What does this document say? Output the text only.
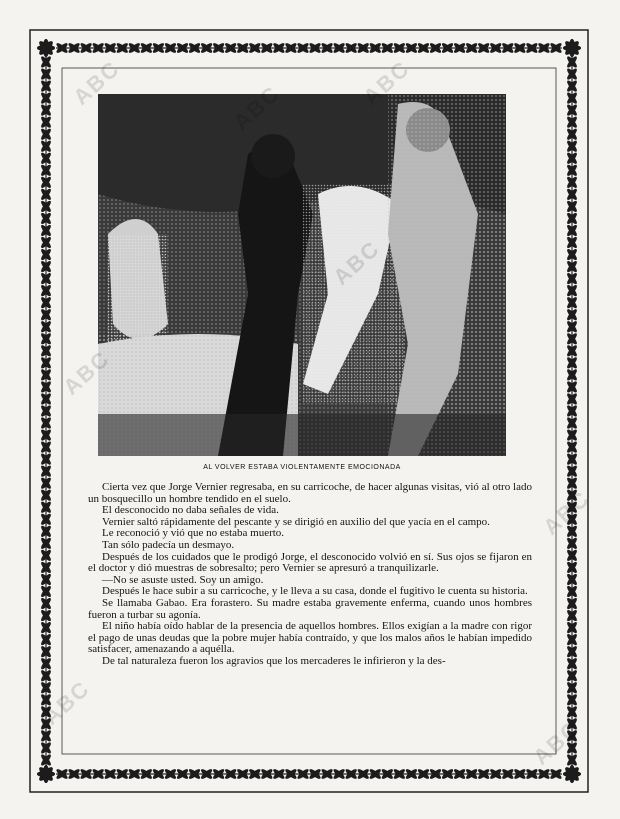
AL VOLVER ESTABA VIOLENTAMENTE EMOCIONADA

Cierta vez que Jorge Vernier regresaba, en su carricoche, de hacer algunas visitas, vió al otro lado un bosquecillo un hombre tendido en el suelo.

El desconocido no daba señales de vida.

Vernier saltó rápidamente del pescante y se dirigió en auxilio del que yacía en el campo.

Le reconoció y vió que no estaba muerto.

Tan sólo padecía un desmayo.

Después de los cuidados que le prodigó Jorge, el desconocido volvió en sí. Sus ojos se fijaron en el doctor y dió muestras de sobresalto; pero Vernier se apresuró a tranquilizarle.

—No se asuste usted. Soy un amigo.

Después le hace subir a su carricoche, y le lleva a su casa, donde el fugitivo le cuenta su historia.

Se llamaba Gabao. Era forastero. Su madre estaba gravemente enferma, cuando unos hombres fueron a turbar su agonía.

El niño había oído hablar de la presencia de aquellos hombres. Ellos exigían a la madre con rigor el pago de unas deudas que la pobre mujer había contraído, y que los malos años le habían impedido satisfacer, amenazando a aquélla.

De tal naturaleza fueron los agravios que los mercaderes le infirieron y la des-

ABC	ABC
ABC
ABC
ABC
ABC
